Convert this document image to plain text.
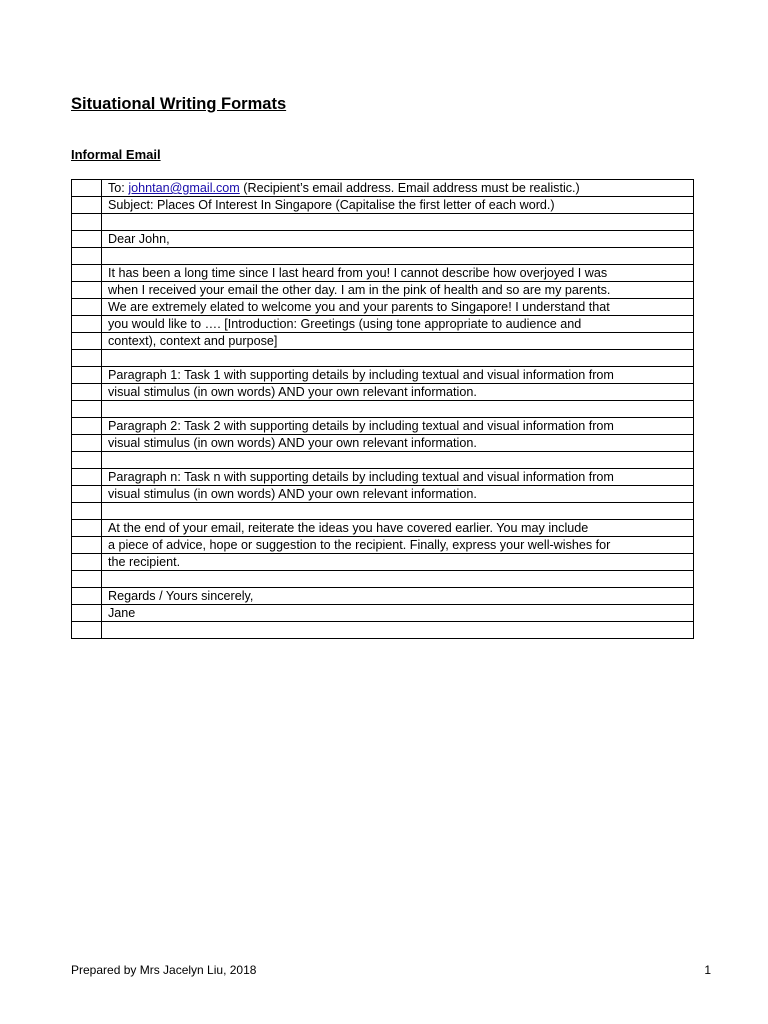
Situational Writing Formats
Informal Email
	To: johntan@gmail.com (Recipient’s email address. Email address must be realistic.)
	Subject: Places Of Interest In Singapore (Capitalise the first letter of each word.)

	Dear John,

	It has been a long time since I last heard from you! I cannot describe how overjoyed I was
	when I received your email the other day. I am in the pink of health and so are my parents.
	We are extremely elated to welcome you and your parents to Singapore! I understand that
	you would like to …. [Introduction: Greetings (using tone appropriate to audience and
	context), context and purpose]

	Paragraph 1: Task 1 with supporting details by including textual and visual information from
	visual stimulus (in own words) AND your own relevant information.

	Paragraph 2: Task 2 with supporting details by including textual and visual information from
	visual stimulus (in own words) AND your own relevant information.

	Paragraph n: Task n with supporting details by including textual and visual information from
	visual stimulus (in own words) AND your own relevant information.

	At the end of your email, reiterate the ideas you have covered earlier. You may include
	a piece of advice, hope or suggestion to the recipient. Finally, express your well-wishes for
	the recipient.

	Regards / Yours sincerely,
	Jane

Prepared by Mrs Jacelyn Liu, 2018	1
